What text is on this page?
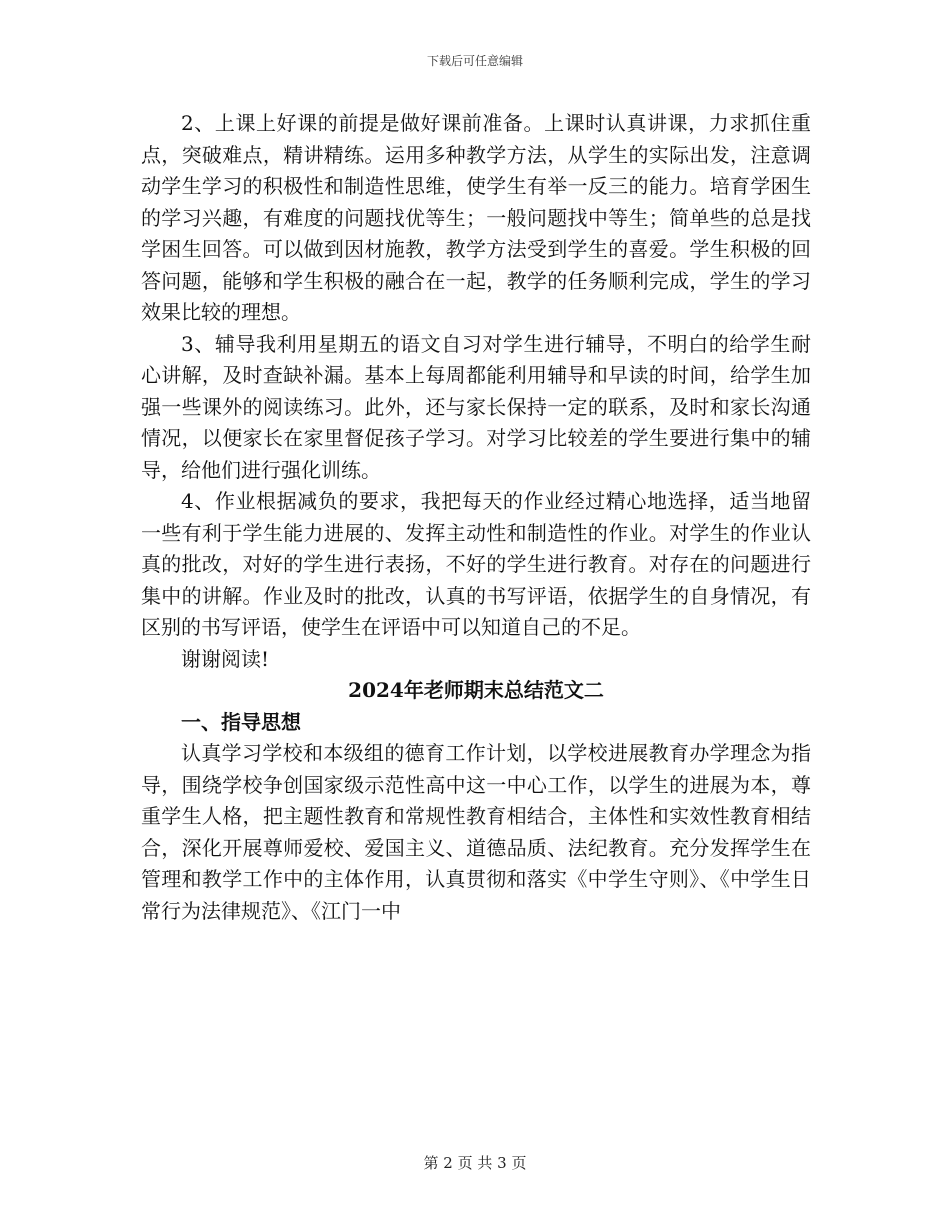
下载后可任意编辑

2、上课上好课的前提是做好课前准备。上课时认真讲课，力求抓住重点，突破难点，精讲精练。运用多种教学方法，从学生的实际出发，注意调动学生学习的积极性和制造性思维，使学生有举一反三的能力。培育学困生的学习兴趣，有难度的问题找优等生；一般问题找中等生；简单些的总是找学困生回答。可以做到因材施教，教学方法受到学生的喜爱。学生积极的回答问题，能够和学生积极的融合在一起，教学的任务顺利完成，学生的学习效果比较的理想。

3、辅导我利用星期五的语文自习对学生进行辅导，不明白的给学生耐心讲解，及时查缺补漏。基本上每周都能利用辅导和早读的时间，给学生加强一些课外的阅读练习。此外，还与家长保持一定的联系，及时和家长沟通情况，以便家长在家里督促孩子学习。对学习比较差的学生要进行集中的辅导，给他们进行强化训练。

4、作业根据减负的要求，我把每天的作业经过精心地选择，适当地留一些有利于学生能力进展的、发挥主动性和制造性的作业。对学生的作业认真的批改，对好的学生进行表扬，不好的学生进行教育。对存在的问题进行集中的讲解。作业及时的批改，认真的书写评语，依据学生的自身情况，有区别的书写评语，使学生在评语中可以知道自己的不足。

谢谢阅读!

2024年老师期末总结范文二

一、指导思想

认真学习学校和本级组的德育工作计划，以学校进展教育办学理念为指导，围绕学校争创国家级示范性高中这一中心工作，以学生的进展为本，尊重学生人格，把主题性教育和常规性教育相结合，主体性和实效性教育相结合，深化开展尊师爱校、爱国主义、道德品质、法纪教育。充分发挥学生在管理和教学工作中的主体作用，认真贯彻和落实《中学生守则》、《中学生日常行为法律规范》、《江门一中

第 2 页 共 3 页
